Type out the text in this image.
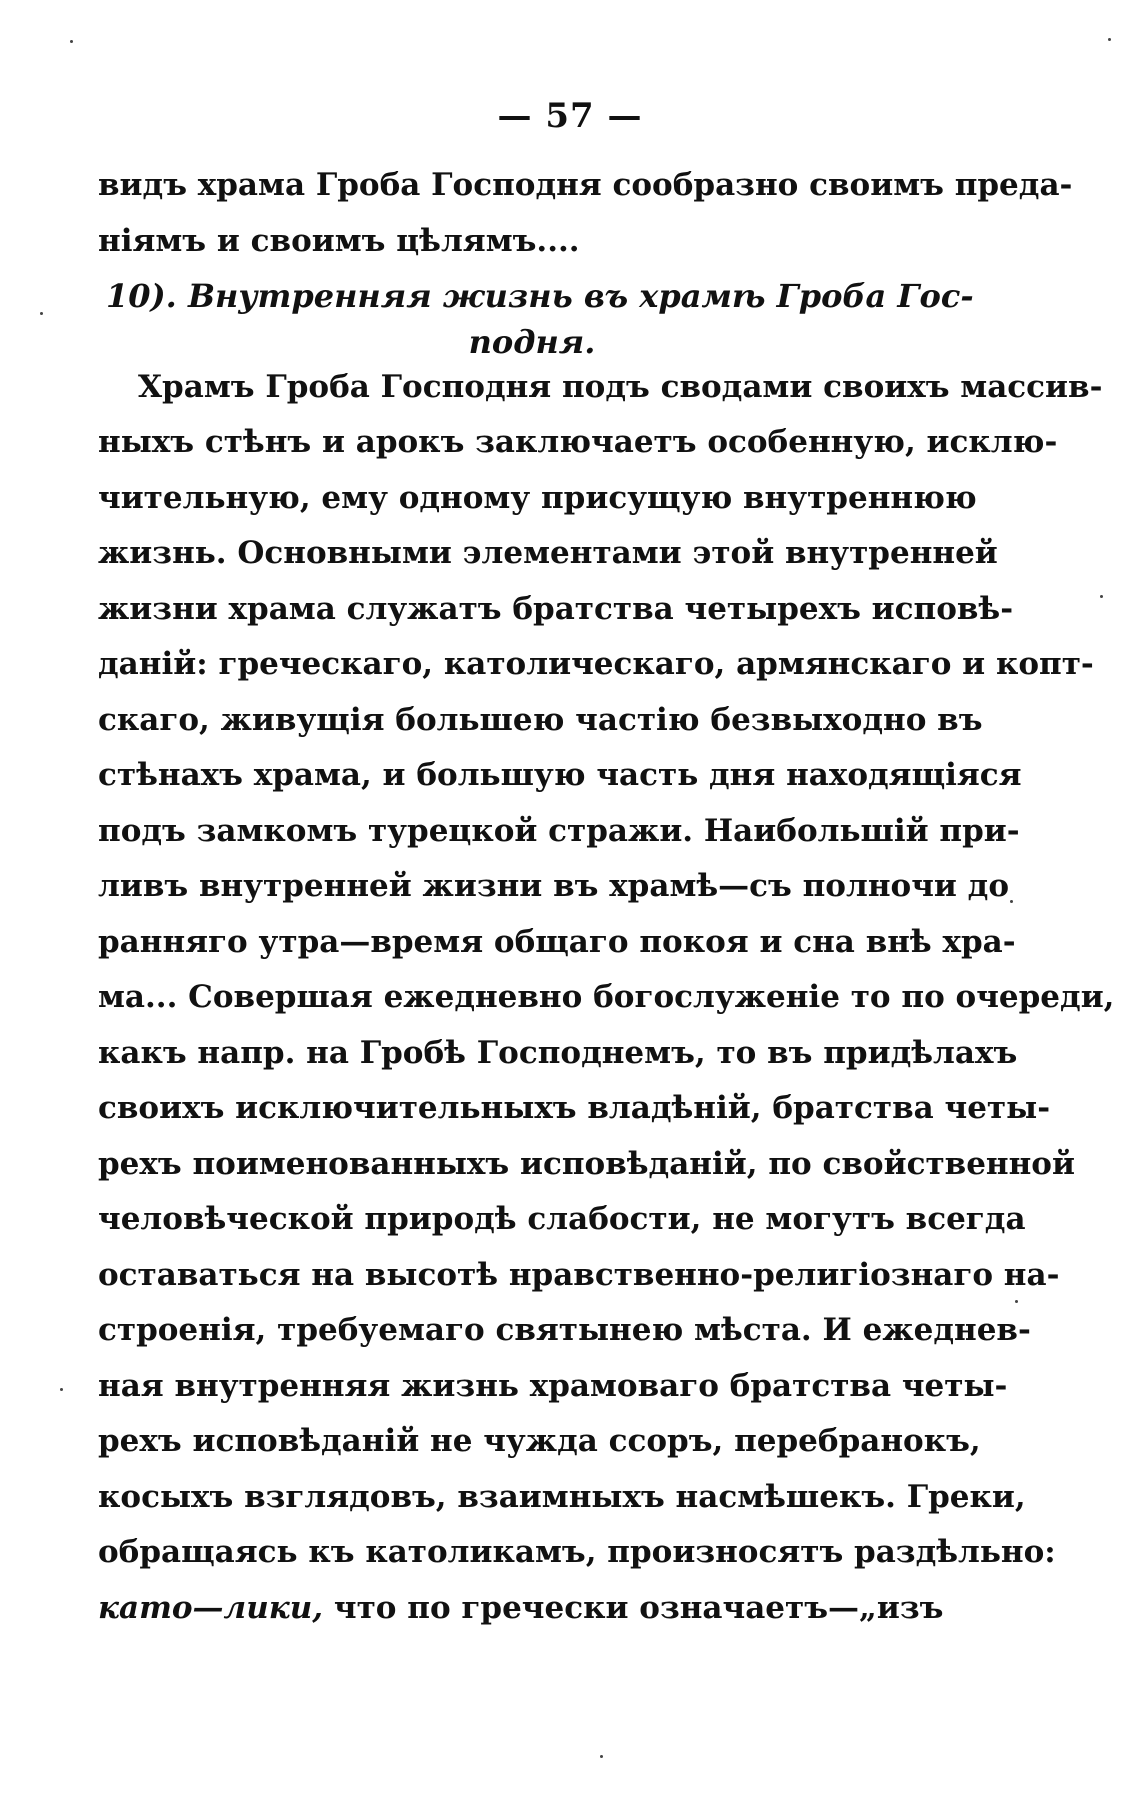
— 57 —
видъ храма Гроба Господня сообразно своимъ преда-
ніямъ и своимъ цѣлямъ....
10). Внутренняя жизнь въ храмѣ Гроба Гос-
подня.
Храмъ Гроба Господня подъ сводами своихъ массив-
ныхъ стѣнъ и арокъ заключаетъ особенную, исклю-
чительную, ему одному присущую внутреннюю
жизнь. Основными элементами этой внутренней
жизни храма служатъ братства четырехъ исповѣ-
даній: греческаго, католическаго, армянскаго и копт-
скаго, живущія большею частію безвыходно въ
стѣнахъ храма, и большую часть дня находящіяся
подъ замкомъ турецкой стражи. Наибольшій при-
ливъ внутренней жизни въ храмѣ—съ полночи до
ранняго утра—время общаго покоя и сна внѣ хра-
ма... Совершая ежедневно богослуженіе то по очереди,
какъ напр. на Гробѣ Господнемъ, то въ придѣлахъ
своихъ исключительныхъ владѣній, братства четы-
рехъ поименованныхъ исповѣданій, по свойственной
человѣческой природѣ слабости, не могутъ всегда
оставаться на высотѣ нравственно-религіознаго на-
строенія, требуемаго святынею мѣста. И ежеднев-
ная внутренняя жизнь храмоваго братства четы-
рехъ исповѣданій не чужда ссоръ, перебранокъ,
косыхъ взглядовъ, взаимныхъ насмѣшекъ. Греки,
обращаясь къ католикамъ, произносятъ раздѣльно:
като—лики, что по гречески означаетъ—„изъ
